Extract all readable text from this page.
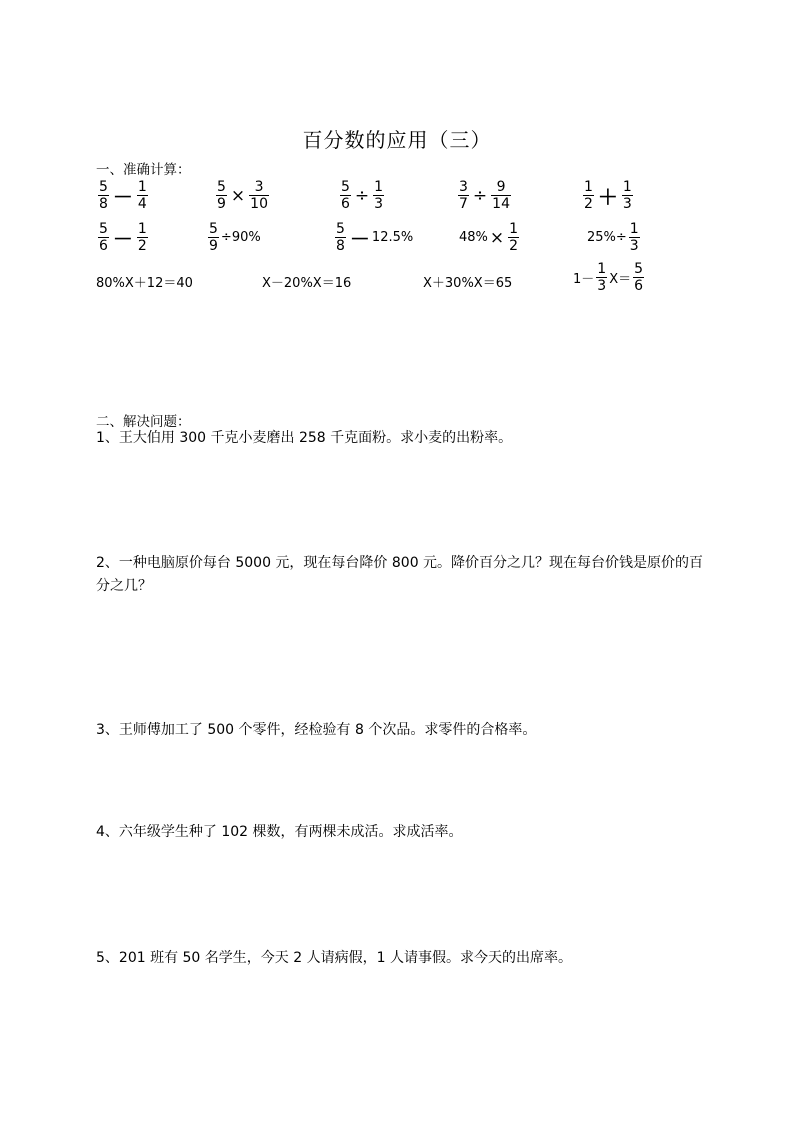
百分数的应用（三）
一、准确计算：
$\frac{5}{8} - \frac{1}{4}$	$\frac{5}{9} \times \frac{3}{10}$	$\frac{5}{6} \div \frac{1}{3}$	$\frac{3}{7} \div \frac{9}{14}$	$\frac{1}{2} + \frac{1}{3}$
$\frac{5}{6} - \frac{1}{2}$	$\frac{5}{9} \div 90\%$	$\frac{5}{8} - 12.5\%$	$48\% \times \frac{1}{2}$	$25\%\div \frac{1}{3}$
80%X＋12＝40	X－20%X＝16	X＋30%X＝65	$1- \frac{1}{3} X= \frac{5}{6}$
二、解决问题：
1、王大伯用 300 千克小麦磨出 258 千克面粉。求小麦的出粉率。
2、一种电脑原价每台 5000 元，现在每台降价 800 元。降价百分之几？现在每台价钱是原价的百分之几？
3、王师傅加工了 500 个零件，经检验有 8 个次品。求零件的合格率。
4、六年级学生种了 102 棵数，有两棵未成活。求成活率。
5、201 班有 50 名学生，今天 2 人请病假，1 人请事假。求今天的出席率。
